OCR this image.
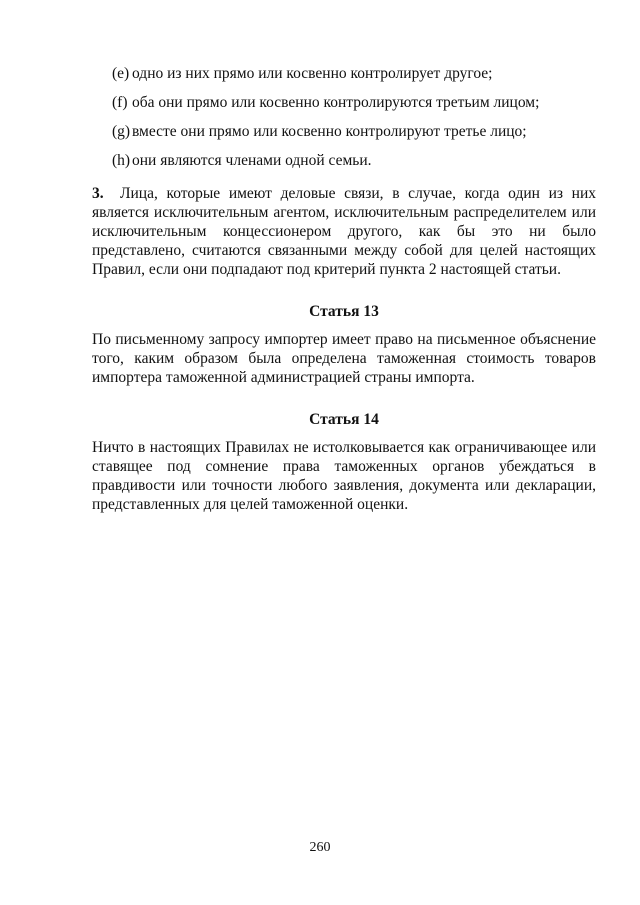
(e) одно из них прямо или косвенно контролирует другое;
(f) оба они прямо или косвенно контролируются третьим лицом;
(g) вместе они прямо или косвенно контролируют третье лицо;
(h) они являются членами одной семьи.

3. Лица, которые имеют деловые связи, в случае, когда один из них является исключительным агентом, исключительным распределителем или исключительным концессионером другого, как бы это ни было представлено, считаются связанными между собой для целей настоящих Правил, если они подпадают под критерий пункта 2 настоящей статьи.

Статья 13

По письменному запросу импортер имеет право на письменное объяснение того, каким образом была определена таможенная стоимость товаров импортера таможенной администрацией страны импорта.

Статья 14

Ничто в настоящих Правилах не истолковывается как ограничивающее или ставящее под сомнение права таможенных органов убеждаться в правдивости или точности любого заявления, документа или декларации, представленных для целей таможенной оценки.

260
